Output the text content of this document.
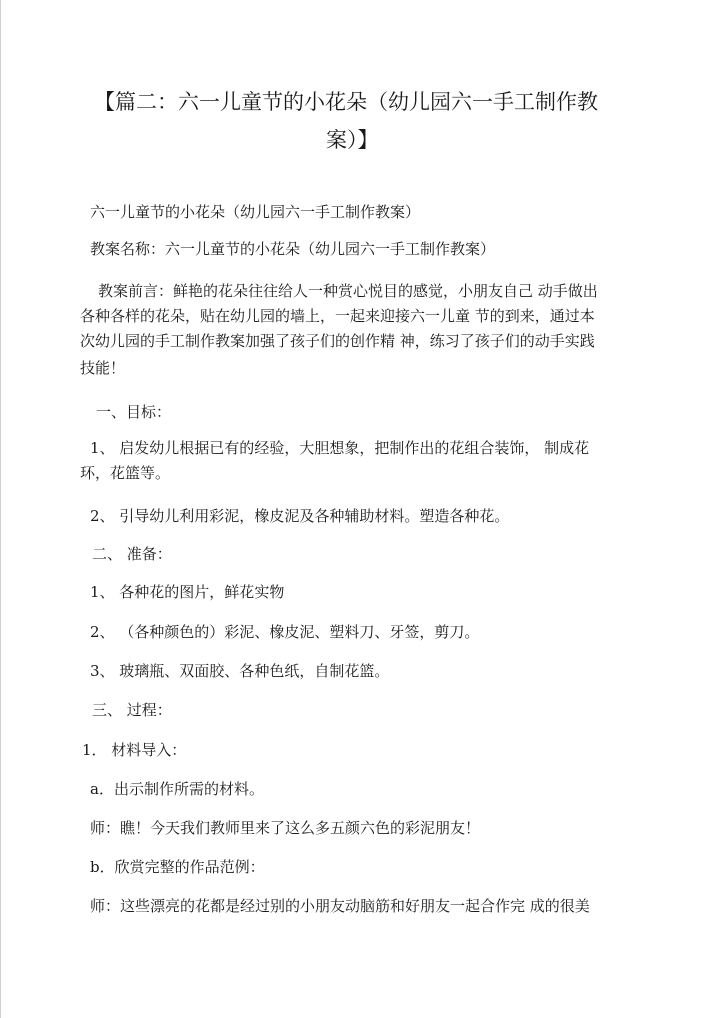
【篇二：六一儿童节的小花朵（幼儿园六一手工制作教
案）】
六一儿童节的小花朵（幼儿园六一手工制作教案）
教案名称：六一儿童节的小花朵（幼儿园六一手工制作教案）
教案前言：鲜艳的花朵往往给人一种赏心悦目的感觉，小朋友自己 动手做出
各种各样的花朵，贴在幼儿园的墙上，一起来迎接六一儿童 节的到来，通过本
次幼儿园的手工制作教案加强了孩子们的创作精 神，练习了孩子们的动手实践
技能！
一、目标：
1、 启发幼儿根据已有的经验，大胆想象，把制作出的花组合装饰， 制成花
环，花篮等。
2、 引导幼儿利用彩泥，橡皮泥及各种辅助材料。塑造各种花。
二、 准备：
1、 各种花的图片，鲜花实物
2、 （各种颜色的）彩泥、橡皮泥、塑料刀、牙签，剪刀。
3、 玻璃瓶、双面胶、各种色纸，自制花篮。
三、 过程：
1． 材料导入：
a．出示制作所需的材料。
师：瞧！今天我们教师里来了这么多五颜六色的彩泥朋友！
b．欣赏完整的作品范例：
师：这些漂亮的花都是经过别的小朋友动脑筋和好朋友一起合作完 成的很美
